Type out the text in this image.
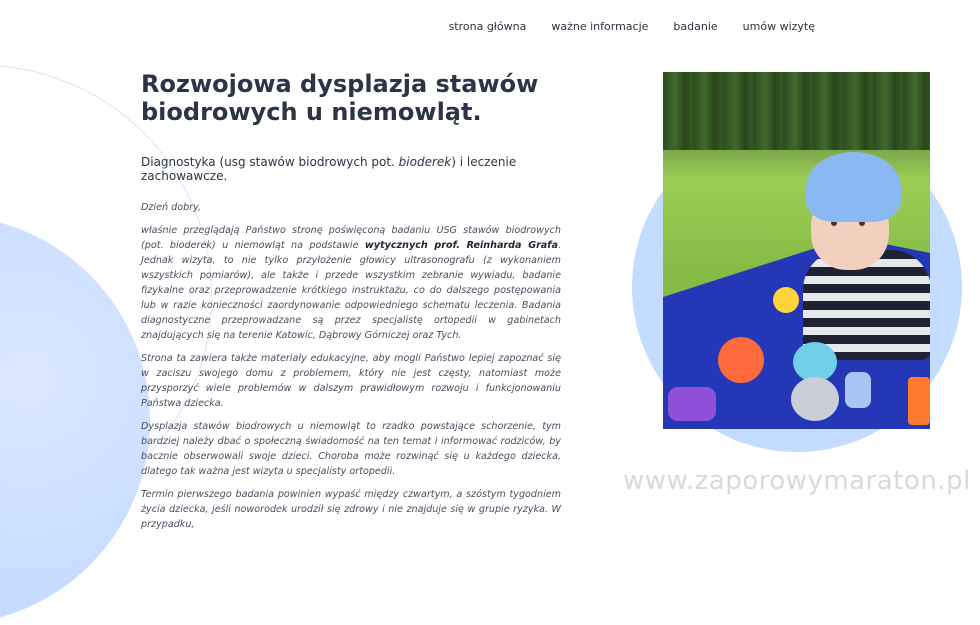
strona główna ważne informacje badanie umów wizytę
Rozwojowa dysplazja stawów biodrowych u niemowląt.

Diagnostyka (usg stawów biodrowych pot. bioderek) i leczenie zachowawcze.

Dzień dobry,

właśnie przeglądają Państwo stronę poświęconą badaniu USG stawów biodrowych (pot. bioderek) u niemowląt na podstawie wytycznych prof. Reinharda Grafa. Jednak wizyta, to nie tylko przyłożenie głowicy ultrasonografu (z wykonaniem wszystkich pomiarów), ale także i przede wszystkim zebranie wywiadu, badanie fizykalne oraz przeprowadzenie krótkiego instruktażu, co do dalszego postępowania lub w razie konieczności zaordynowanie odpowiedniego schematu leczenia. Badania diagnostyczne przeprowadzane są przez specjalistę ortopedii w gabinetach znajdujących się na terenie Katowic, Dąbrowy Górniczej oraz Tych.

Strona ta zawiera także materiały edukacyjne, aby mogli Państwo lepiej zapoznać się w zaciszu swojego domu z problemem, który nie jest częsty, natomiast może przysporzyć wiele problemów w dalszym prawidłowym rozwoju i funkcjonowaniu Państwa dziecka.

Dysplazja stawów biodrowych u niemowląt to rzadko powstające schorzenie, tym bardziej należy dbać o społeczną świadomość na ten temat i informować rodziców, by bacznie obserwowali swoje dzieci. Choroba może rozwinąć się u każdego dziecka, dlatego tak ważna jest wizyta u specjalisty ortopedii.

Termin pierwszego badania powinien wypaść między czwartym, a szóstym tygodniem życia dziecka, jeśli noworodek urodził się zdrowy i nie znajduje się w grupie ryzyka. W przypadku,

www.zaporowymaraton.pl
